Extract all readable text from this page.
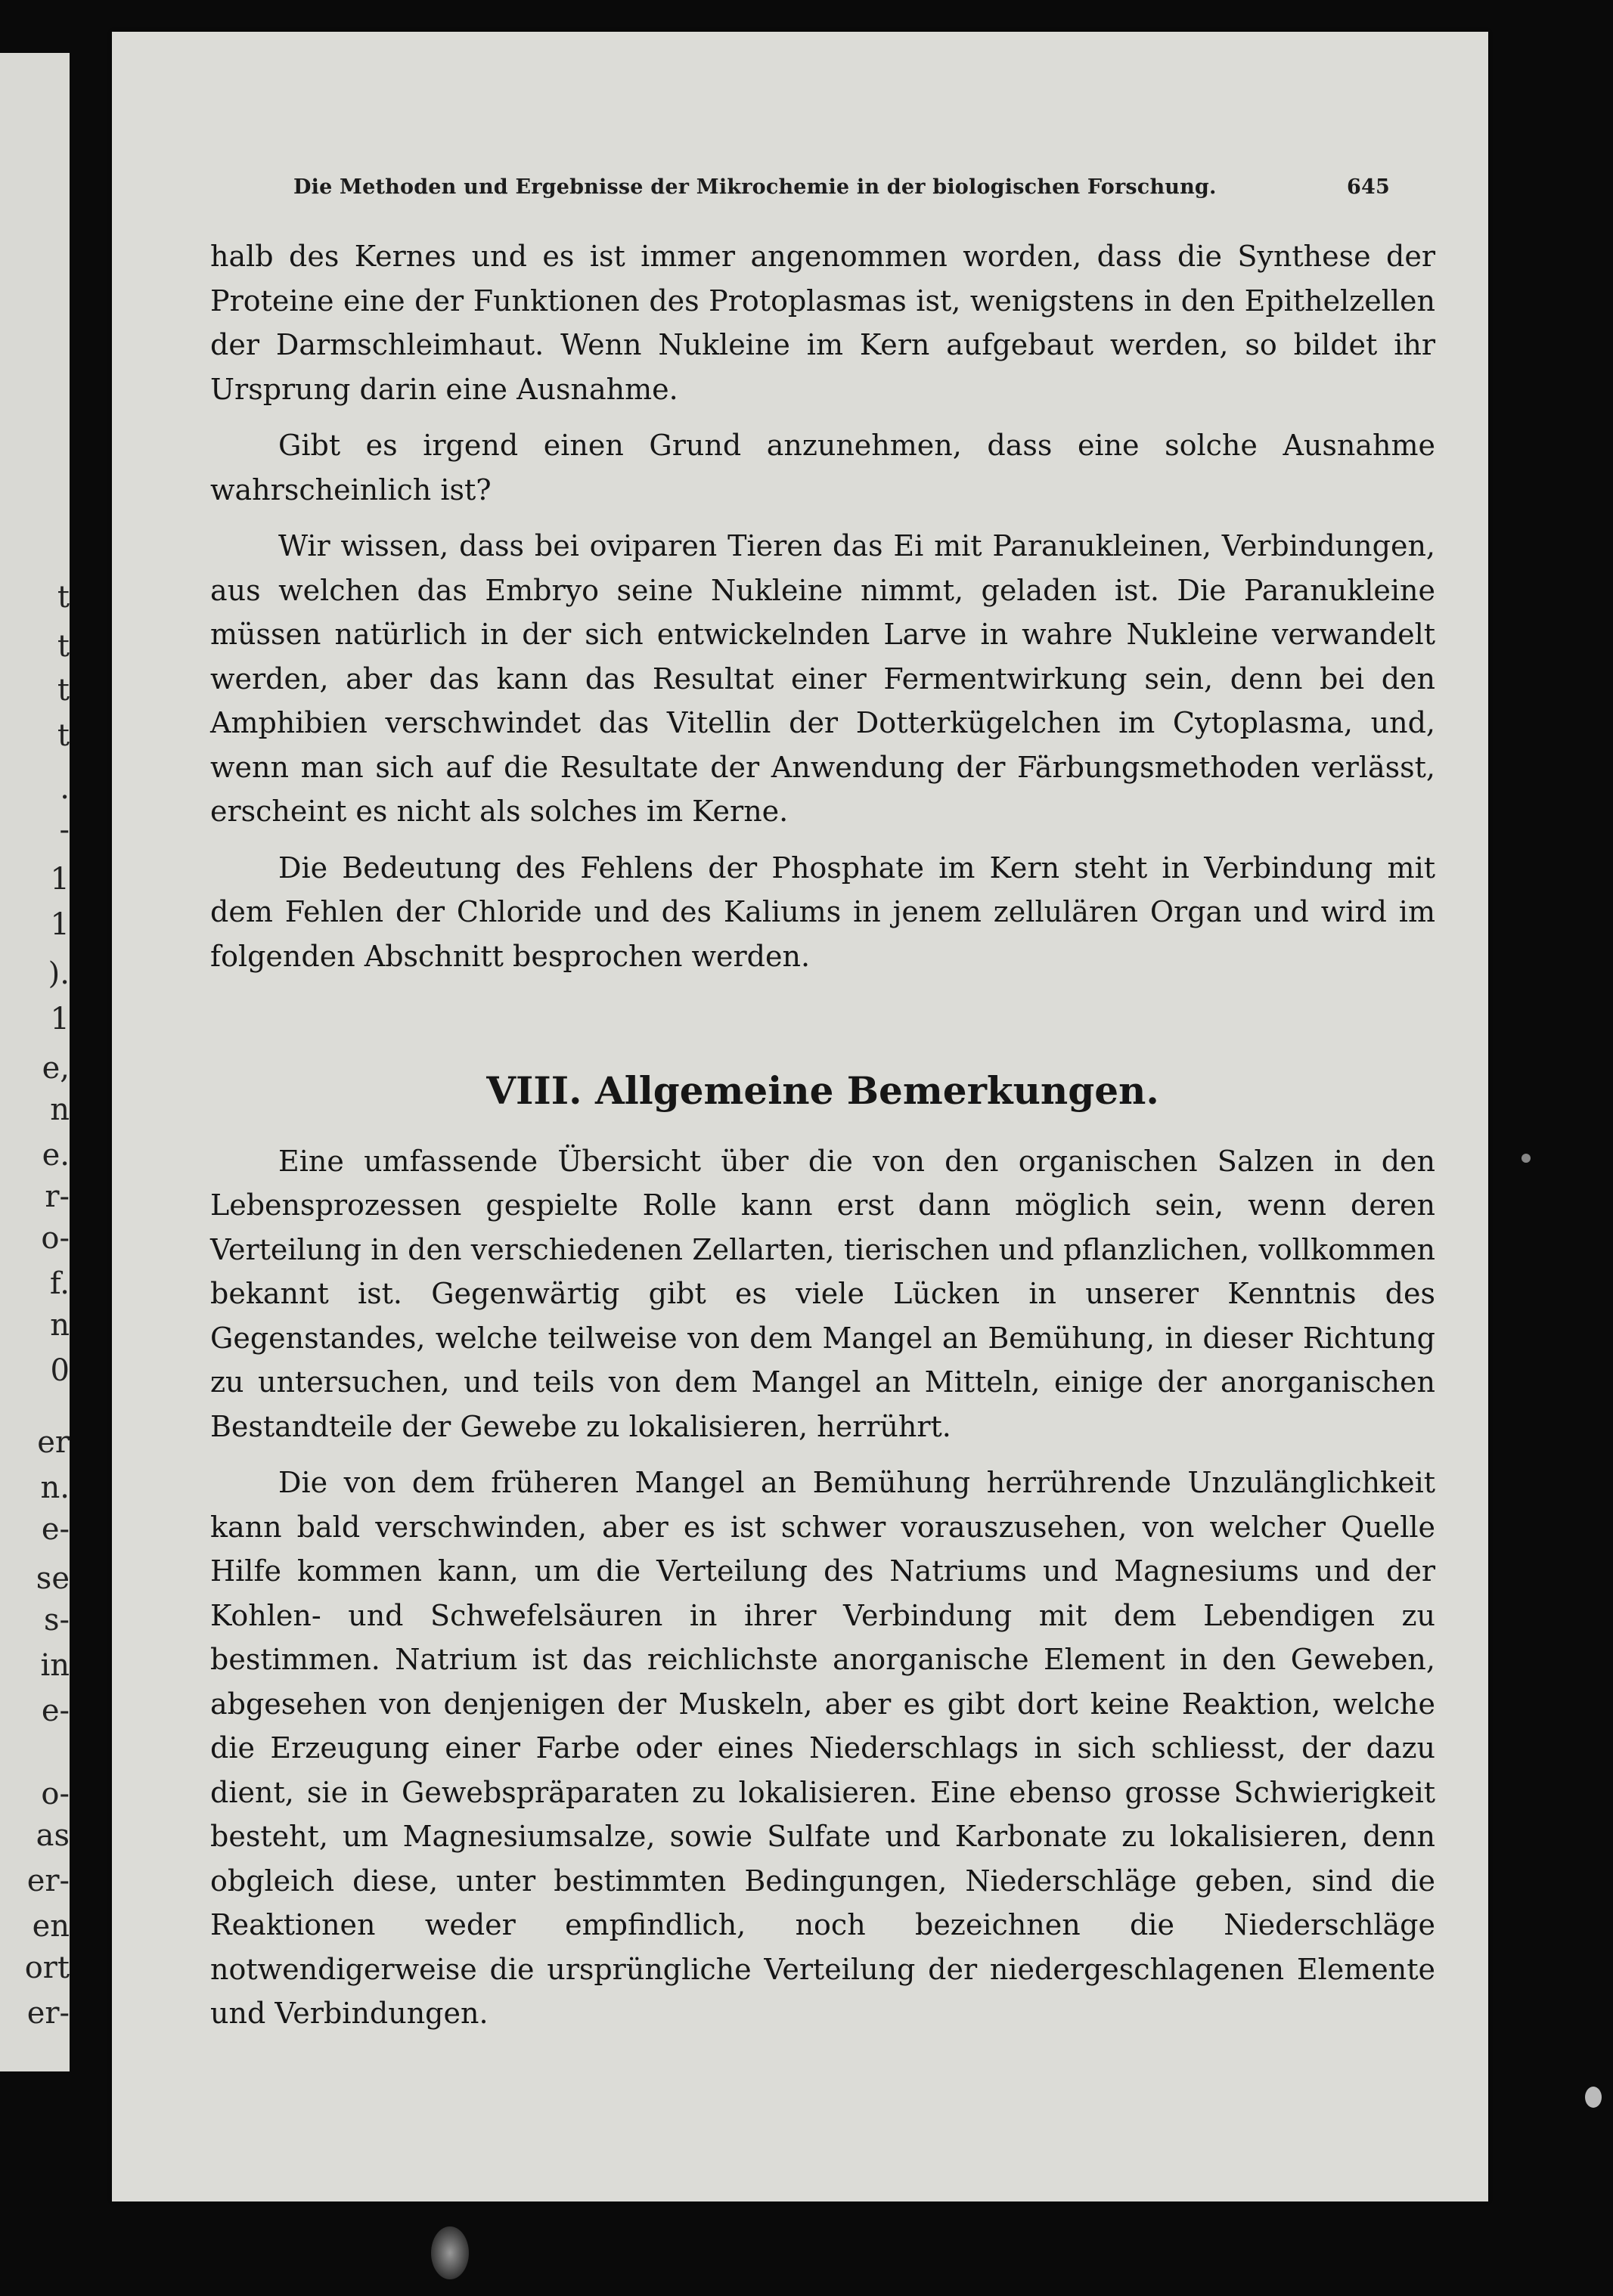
t
t
t
t
.
-
1
1
).
1
e,
n
e.
r-
o-
f.
n
0
er
n.
e-
se
s-
in
e-
o-
as
er-
en
ort
er-
Die Methoden und Ergebnisse der Mikrochemie in der biologischen Forschung.	645

halb des Kernes und es ist immer angenommen worden, dass die Synthese der Proteine eine der Funktionen des Protoplasmas ist, wenigstens in den Epithelzellen der Darmschleimhaut. Wenn Nukleine im Kern aufgebaut werden, so bildet ihr Ursprung darin eine Ausnahme.

Gibt es irgend einen Grund anzunehmen, dass eine solche Ausnahme wahrscheinlich ist?

Wir wissen, dass bei oviparen Tieren das Ei mit Paranukleinen, Verbindungen, aus welchen das Embryo seine Nukleine nimmt, geladen ist. Die Paranukleine müssen natürlich in der sich entwickelnden Larve in wahre Nukleine verwandelt werden, aber das kann das Resultat einer Fermentwirkung sein, denn bei den Amphibien verschwindet das Vitellin der Dotterkügelchen im Cytoplasma, und, wenn man sich auf die Resultate der Anwendung der Färbungsmethoden verlässt, erscheint es nicht als solches im Kerne.

Die Bedeutung des Fehlens der Phosphate im Kern steht in Verbindung mit dem Fehlen der Chloride und des Kaliums in jenem zellulären Organ und wird im folgenden Abschnitt besprochen werden.

VIII. Allgemeine Bemerkungen.

Eine umfassende Übersicht über die von den organischen Salzen in den Lebensprozessen gespielte Rolle kann erst dann möglich sein, wenn deren Verteilung in den verschiedenen Zellarten, tierischen und pflanzlichen, vollkommen bekannt ist. Gegenwärtig gibt es viele Lücken in unserer Kenntnis des Gegenstandes, welche teilweise von dem Mangel an Bemühung, in dieser Richtung zu untersuchen, und teils von dem Mangel an Mitteln, einige der anorganischen Bestandteile der Gewebe zu lokalisieren, herrührt.

Die von dem früheren Mangel an Bemühung herrührende Unzulänglichkeit kann bald verschwinden, aber es ist schwer vorauszusehen, von welcher Quelle Hilfe kommen kann, um die Verteilung des Natriums und Magnesiums und der Kohlen- und Schwefelsäuren in ihrer Verbindung mit dem Lebendigen zu bestimmen. Natrium ist das reichlichste anorganische Element in den Geweben, abgesehen von denjenigen der Muskeln, aber es gibt dort keine Reaktion, welche die Erzeugung einer Farbe oder eines Niederschlags in sich schliesst, der dazu dient, sie in Gewebspräparaten zu lokalisieren. Eine ebenso grosse Schwierigkeit besteht, um Magnesiumsalze, sowie Sulfate und Karbonate zu lokalisieren, denn obgleich diese, unter bestimmten Bedingungen, Niederschläge geben, sind die Reaktionen weder empfindlich, noch bezeichnen die Niederschläge notwendigerweise die ursprüngliche Verteilung der niedergeschlagenen Elemente und Verbindungen.
